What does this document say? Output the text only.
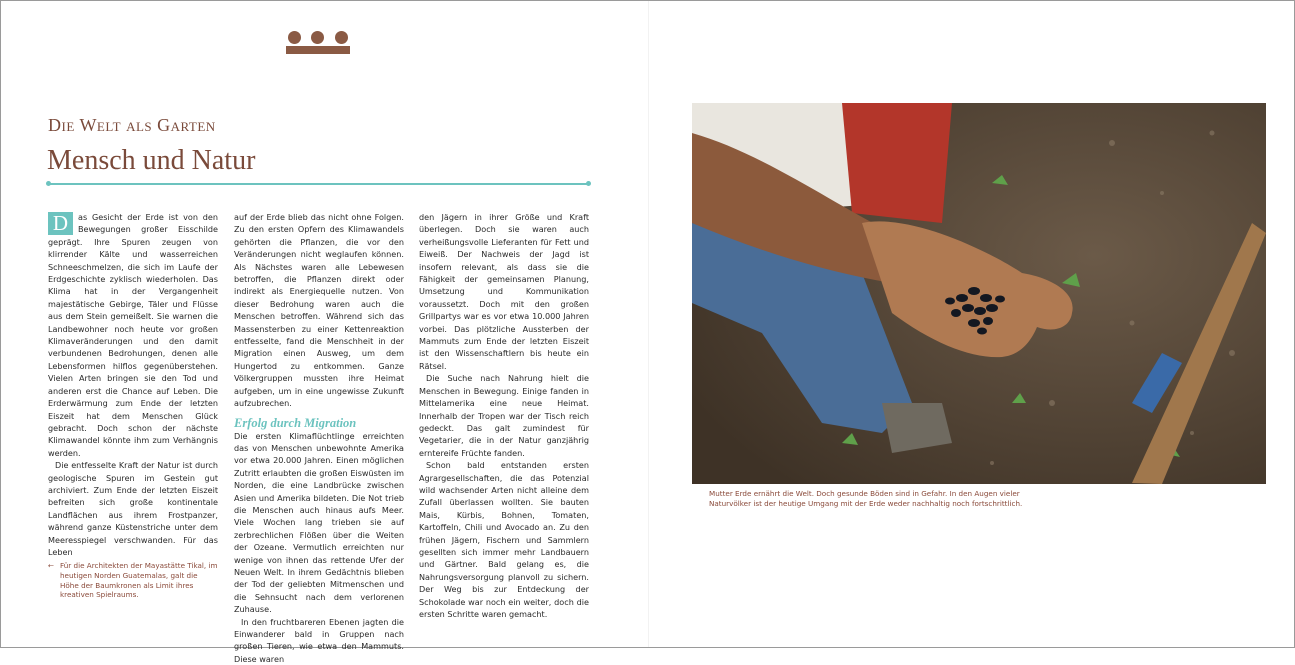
Die Welt als Garten
Mensch und Natur

D	as Gesicht der Erde ist von den Bewegungen großer Eisschilde geprägt. Ihre Spuren zeugen von klirrender Kälte und wasserreichen Schneeschmelzen, die sich im Laufe der Erdgeschichte zyklisch wiederholen. Das Klima hat in der Vergangenheit majestätische Gebirge, Täler und Flüsse aus dem Stein gemeißelt. Sie warnen die Landbewohner noch heute vor großen Klimaveränderungen und den damit verbundenen Bedrohungen, denen alle Lebensformen hilflos gegenüberstehen. Vielen Arten bringen sie den Tod und anderen erst die Chance auf Leben. Die Erderwärmung zum Ende der letzten Eiszeit hat dem Menschen Glück gebracht. Doch schon der nächste Klimawandel könnte ihm zum Verhängnis werden.

Die entfesselte Kraft der Natur ist durch geologische Spuren im Gestein gut archiviert. Zum Ende der letzten Eiszeit befreiten sich große kontinentale Landflächen aus ihrem Frostpanzer, während ganze Küstenstriche unter dem Meeresspiegel verschwanden. Für das Leben

auf der Erde blieb das nicht ohne Folgen. Zu den ersten Opfern des Klimawandels gehörten die Pflanzen, die vor den Veränderungen nicht weglaufen können. Als Nächstes waren alle Lebewesen betroffen, die Pflanzen direkt oder indirekt als Energiequelle nutzen. Von dieser Bedrohung waren auch die Menschen betroffen. Während sich das Massensterben zu einer Kettenreaktion entfesselte, fand die Menschheit in der Migration einen Ausweg, um dem Hungertod zu entkommen. Ganze Völkergruppen mussten ihre Heimat aufgeben, um in eine ungewisse Zukunft aufzubrechen.

Erfolg durch Migration

Die ersten Klimaflüchtlinge erreichten das von Menschen unbewohnte Amerika vor etwa 20.000 Jahren. Einen möglichen Zutritt erlaubten die großen Eiswüsten im Norden, die eine Landbrücke zwischen Asien und Amerika bildeten. Die Not trieb die Menschen auch hinaus aufs Meer. Viele Wochen lang trieben sie auf zerbrechlichen Flößen über die Weiten der Ozeane. Vermutlich erreichten nur wenige von ihnen das rettende Ufer der Neuen Welt. In ihrem Gedächtnis blieben der Tod der geliebten Mitmenschen und die Sehnsucht nach dem verlorenen Zuhause.

In den fruchtbareren Ebenen jagten die Einwanderer bald in Gruppen nach großen Tieren, wie etwa den Mammuts. Diese waren

den Jägern in ihrer Größe und Kraft überlegen. Doch sie waren auch verheißungsvolle Lieferanten für Fett und Eiweiß. Der Nachweis der Jagd ist insofern relevant, als dass sie die Fähigkeit der gemeinsamen Planung, Umsetzung und Kommunikation voraussetzt. Doch mit den großen Grillpartys war es vor etwa 10.000 Jahren vorbei. Das plötzliche Aussterben der Mammuts zum Ende der letzten Eiszeit ist den Wissenschaftlern bis heute ein Rätsel.

Die Suche nach Nahrung hielt die Menschen in Bewegung. Einige fanden in Mittelamerika eine neue Heimat. Innerhalb der Tropen war der Tisch reich gedeckt. Das galt zumindest für Vegetarier, die in der Natur ganzjährig erntereife Früchte fanden.

Schon bald entstanden ersten Agrargesellschaften, die das Potenzial wild wachsender Arten nicht alleine dem Zufall überlassen wollten. Sie bauten Mais, Kürbis, Bohnen, Tomaten, Kartoffeln, Chili und Avocado an. Zu den frühen Jägern, Fischern und Sammlern gesellten sich immer mehr Landbauern und Gärtner. Bald gelang es, die Nahrungsversorgung planvoll zu sichern. Der Weg bis zur Entdeckung der Schokolade war noch ein weiter, doch die ersten Schritte waren gemacht.

← Für die Architekten der Mayastätte Tikal, im heutigen Norden Guatemalas, galt die Höhe der Baumkronen als Limit ihres kreativen Spielraums.
Mutter Erde ernährt die Welt. Doch gesunde Böden sind in Gefahr. In den Augen vieler Naturvölker ist der heutige Umgang mit der Erde weder nachhaltig noch fortschrittlich.
